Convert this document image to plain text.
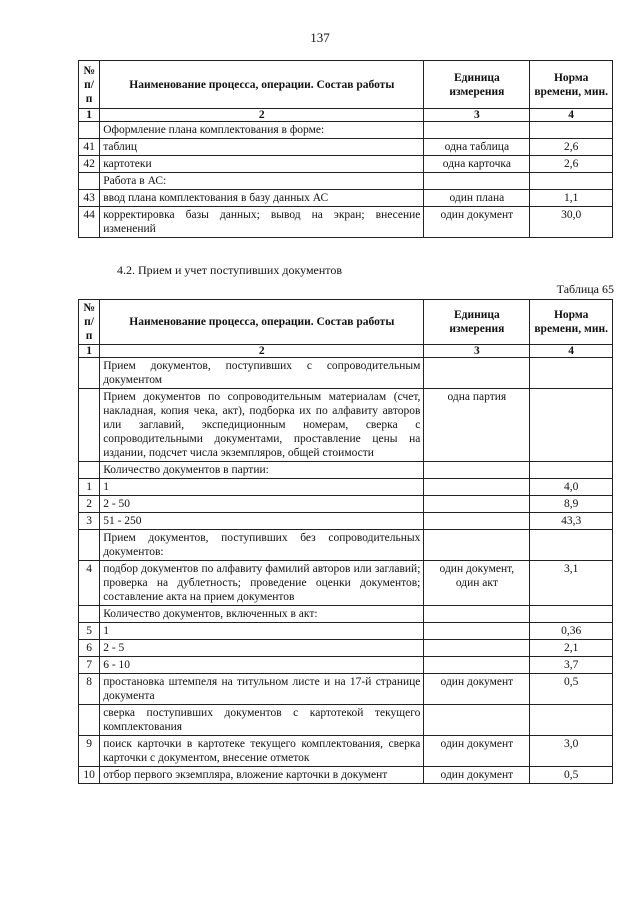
137
№ п/п	Наименование процесса, операции. Состав работы	Единица измерения	Норма времени, мин.
1	2	3	4
	Оформление плана комплектования в форме:		
41	таблиц	одна таблица	2,6
42	картотеки	одна карточка	2,6
	Работа в АС:		
43	ввод плана комплектования в базу данных АС	один плана	1,1
44	корректировка базы данных; вывод на экран; внесение изменений	один документ	30,0
4.2. Прием и учет поступивших документов
Таблица 65
№ п/п	Наименование процесса, операции. Состав работы	Единица измерения	Норма времени, мин.
1	2	3	4
	Прием документов, поступивших с сопроводительным документом		
	Прием документов по сопроводительным материалам (счет, накладная, копия чека, акт), подборка их по алфавиту авторов или заглавий, экспедиционным номерам, сверка с сопроводительными документами, проставление цены на издании, подсчет числа экземпляров, общей стоимости	одна партия	
	Количество документов в партии:		
1	1		4,0
2	2 - 50		8,9
3	51 - 250		43,3
	Прием документов, поступивших без сопроводительных документов:		
4	подбор документов по алфавиту фамилий авторов или заглавий; проверка на дублетность; проведение оценки документов; составление акта на прием документов	один документ, один акт	3,1
	Количество документов, включенных в акт:		
5	1		0,36
6	2 - 5		2,1
7	6 - 10		3,7
8	простановка штемпеля на титульном листе и на 17-й странице документа	один документ	0,5
	сверка поступивших документов с картотекой текущего комплектования		
9	поиск карточки в картотеке текущего комплектования, сверка карточки с документом, внесение отметок	один документ	3,0
10	отбор первого экземпляра, вложение карточки в документ	один документ	0,5
